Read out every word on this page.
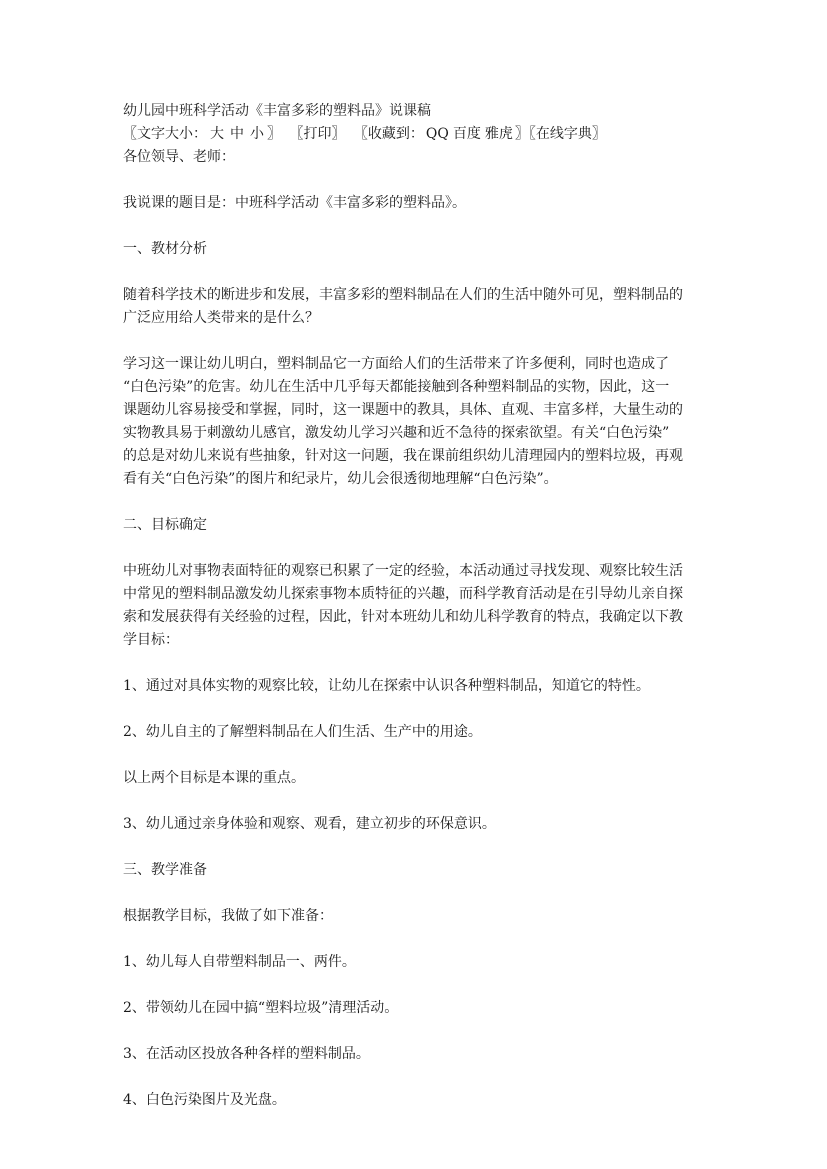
幼儿园中班科学活动《丰富多彩的塑料品》说课稿
〖文字大小： 大 中 小 〗 〖打印〗 〖收藏到： QQ 百度 雅虎 〗〖在线字典〗
各位领导、老师：
我说课的题目是：中班科学活动《丰富多彩的塑料品》。
一、教材分析
随着科学技术的断进步和发展，丰富多彩的塑料制品在人们的生活中随外可见，塑料制品的
广泛应用给人类带来的是什么？
学习这一课让幼儿明白，塑料制品它一方面给人们的生活带来了许多便利，同时也造成了
“白色污染”的危害。幼儿在生活中几乎每天都能接触到各种塑料制品的实物，因此，这一
课题幼儿容易接受和掌握，同时，这一课题中的教具，具体、直观、丰富多样，大量生动的
实物教具易于刺激幼儿感官，激发幼儿学习兴趣和近不急待的探索欲望。有关“白色污染”
的总是对幼儿来说有些抽象，针对这一问题，我在课前组织幼儿清理园内的塑料垃圾，再观
看有关“白色污染”的图片和纪录片，幼儿会很透彻地理解“白色污染”。
二、目标确定
中班幼儿对事物表面特征的观察已积累了一定的经验，本活动通过寻找发现、观察比较生活
中常见的塑料制品激发幼儿探索事物本质特征的兴趣，而科学教育活动是在引导幼儿亲自探
索和发展获得有关经验的过程，因此，针对本班幼儿和幼儿科学教育的特点，我确定以下教
学目标：
1、通过对具体实物的观察比较，让幼儿在探索中认识各种塑料制品，知道它的特性。
2、幼儿自主的了解塑料制品在人们生活、生产中的用途。
以上两个目标是本课的重点。
3、幼儿通过亲身体验和观察、观看，建立初步的环保意识。
三、教学准备
根据教学目标，我做了如下准备：
1、幼儿每人自带塑料制品一、两件。
2、带领幼儿在园中搞“塑料垃圾”清理活动。
3、在活动区投放各种各样的塑料制品。
4、白色污染图片及光盘。
